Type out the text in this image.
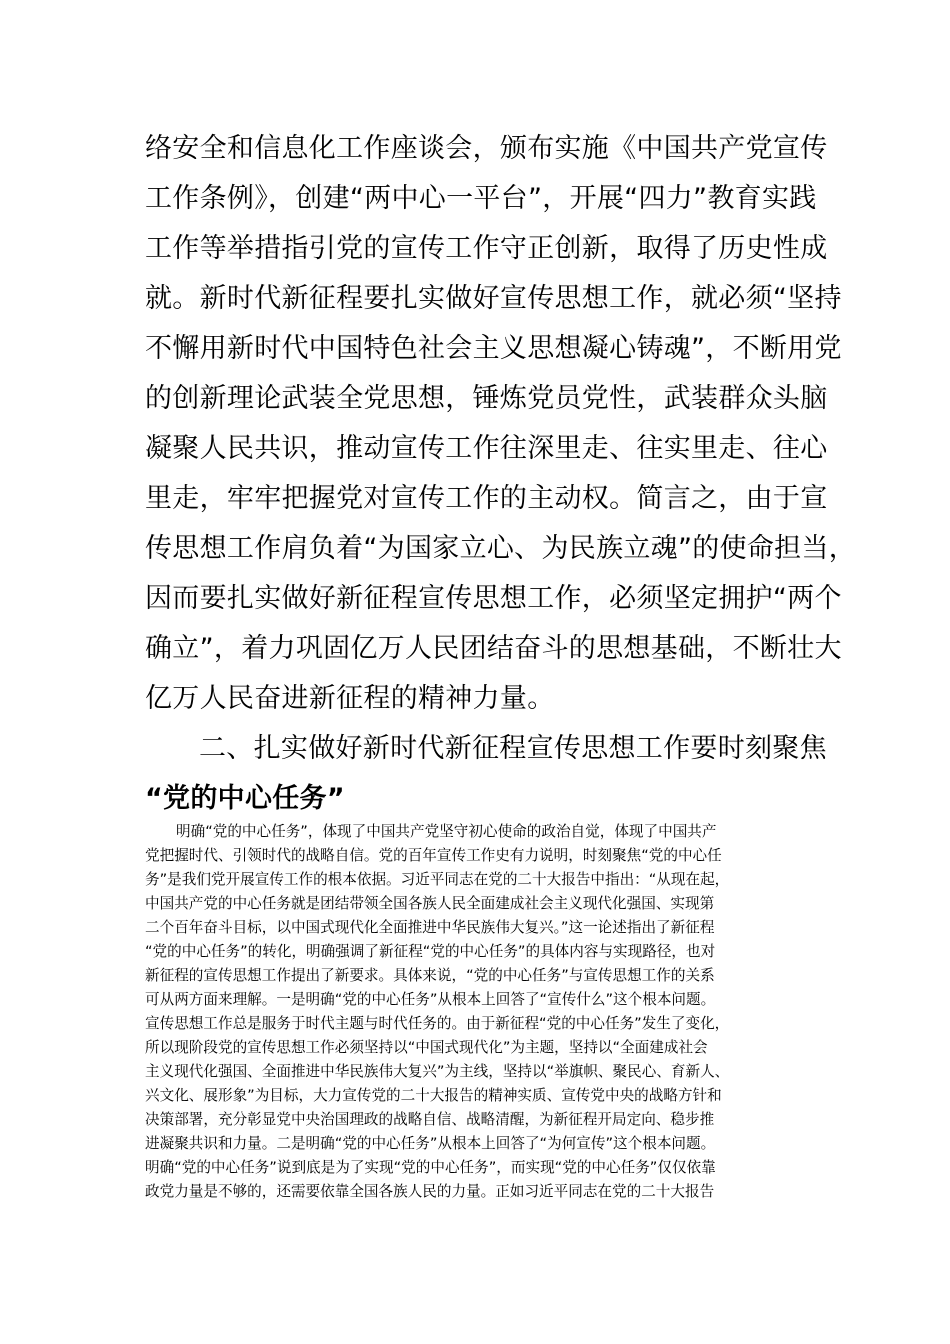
络安全和信息化工作座谈会，颁布实施《中国共产党宣传
工作条例》，创建“两中心一平台”，开展“四力”教育实践
工作等举措指引党的宣传工作守正创新，取得了历史性成
就。新时代新征程要扎实做好宣传思想工作，就必须“坚持
不懈用新时代中国特色社会主义思想凝心铸魂”，不断用党
的创新理论武装全党思想，锤炼党员党性，武装群众头脑
凝聚人民共识，推动宣传工作往深里走、往实里走、往心
里走，牢牢把握党对宣传工作的主动权。简言之，由于宣
传思想工作肩负着“为国家立心、为民族立魂”的使命担当，
因而要扎实做好新征程宣传思想工作，必须坚定拥护“两个
确立”，着力巩固亿万人民团结奋斗的思想基础，不断壮大
亿万人民奋进新征程的精神力量。
二、扎实做好新时代新征程宣传思想工作要时刻聚焦
“党的中心任务”
明确“党的中心任务”，体现了中国共产党坚守初心使命的政治自觉，体现了中国共产
党把握时代、引领时代的战略自信。党的百年宣传工作史有力说明，时刻聚焦“党的中心任
务”是我们党开展宣传工作的根本依据。习近平同志在党的二十大报告中指出：“从现在起，
中国共产党的中心任务就是团结带领全国各族人民全面建成社会主义现代化强国、实现第
二个百年奋斗目标，以中国式现代化全面推进中华民族伟大复兴。”这一论述指出了新征程
“党的中心任务”的转化，明确强调了新征程“党的中心任务”的具体内容与实现路径，也对
新征程的宣传思想工作提出了新要求。具体来说，“党的中心任务”与宣传思想工作的关系
可从两方面来理解。一是明确“党的中心任务”从根本上回答了“宣传什么”这个根本问题。
宣传思想工作总是服务于时代主题与时代任务的。由于新征程“党的中心任务”发生了变化，
所以现阶段党的宣传思想工作必须坚持以“中国式现代化”为主题，坚持以“全面建成社会
主义现代化强国、全面推进中华民族伟大复兴”为主线，坚持以“举旗帜、聚民心、育新人、
兴文化、展形象”为目标，大力宣传党的二十大报告的精神实质、宣传党中央的战略方针和
决策部署，充分彰显党中央治国理政的战略自信、战略清醒，为新征程开局定向、稳步推
进凝聚共识和力量。二是明确“党的中心任务”从根本上回答了“为何宣传”这个根本问题。
明确“党的中心任务”说到底是为了实现“党的中心任务”，而实现“党的中心任务”仅仅依靠
政党力量是不够的，还需要依靠全国各族人民的力量。正如习近平同志在党的二十大报告
